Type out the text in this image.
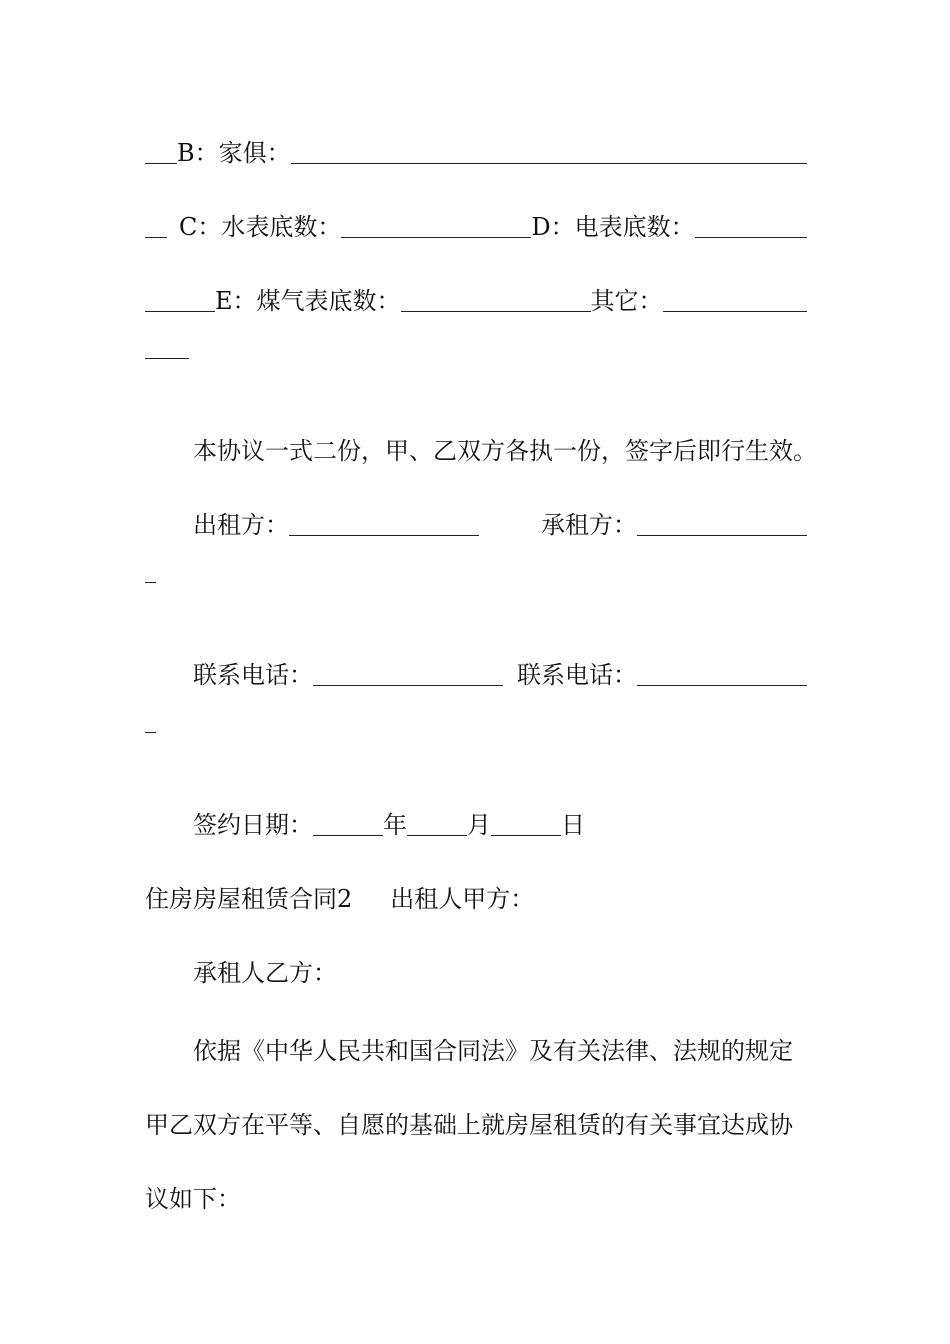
B：家俱：
C：水表底数：	D：电表底数：
E：煤气表底数：	其它：
本协议一式二份，甲、乙双方各执一份，签字后即行生效。
出租方：	承租方：
联系电话：	联系电话：
签约日期：	年	月	日
住房房屋租赁合同2 出租人甲方：
承租人乙方：
依据《中华人民共和国合同法》及有关法律、法规的规定
甲乙双方在平等、自愿的基础上就房屋租赁的有关事宜达成协
议如下：
